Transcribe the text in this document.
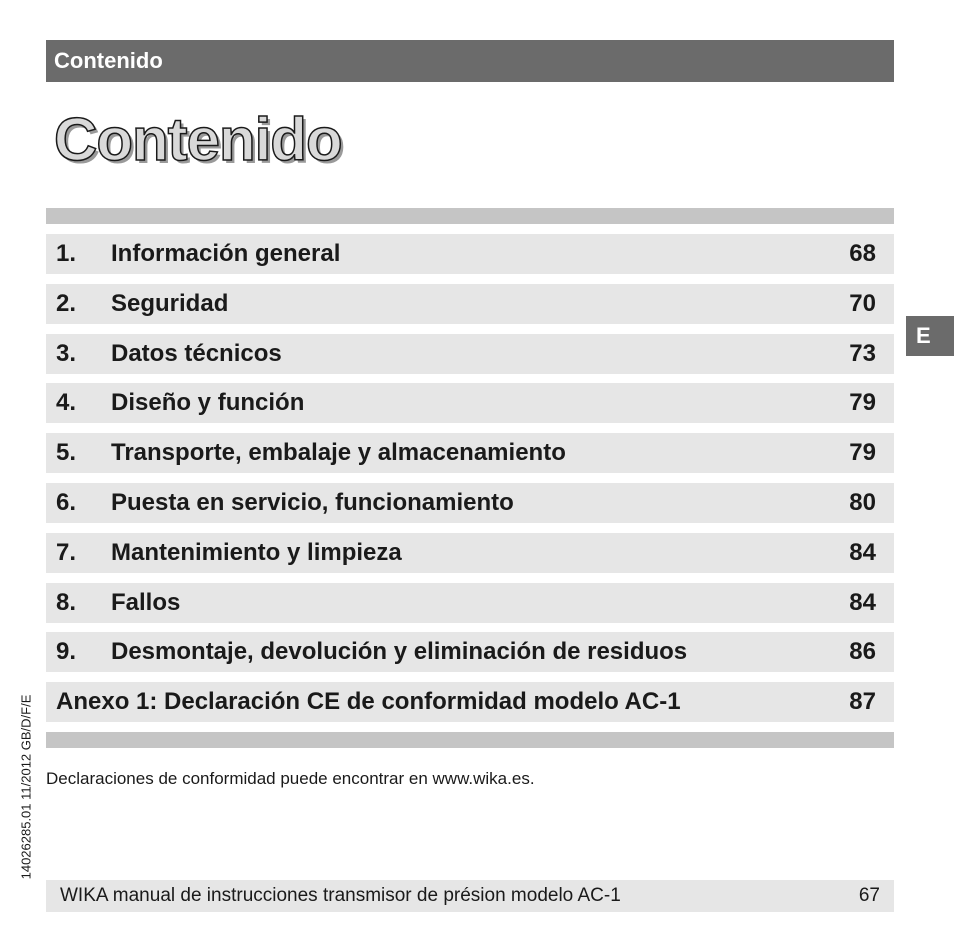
Contenido
Contenido
1. Información general	68
2. Seguridad	70
3. Datos técnicos	73
4. Diseño y función	79
5. Transporte, embalaje y almacenamiento	79
6. Puesta en servicio, funcionamiento	80
7. Mantenimiento y limpieza	84
8. Fallos	84
9. Desmontaje, devolución y eliminación de residuos	86
Anexo 1: Declaración CE de conformidad modelo AC-1	87
E
Declaraciones de conformidad puede encontrar en www.wika.es.
14026285.01 11/2012 GB/D/F/E
WIKA manual de instrucciones transmisor de présion modelo AC-1	67
